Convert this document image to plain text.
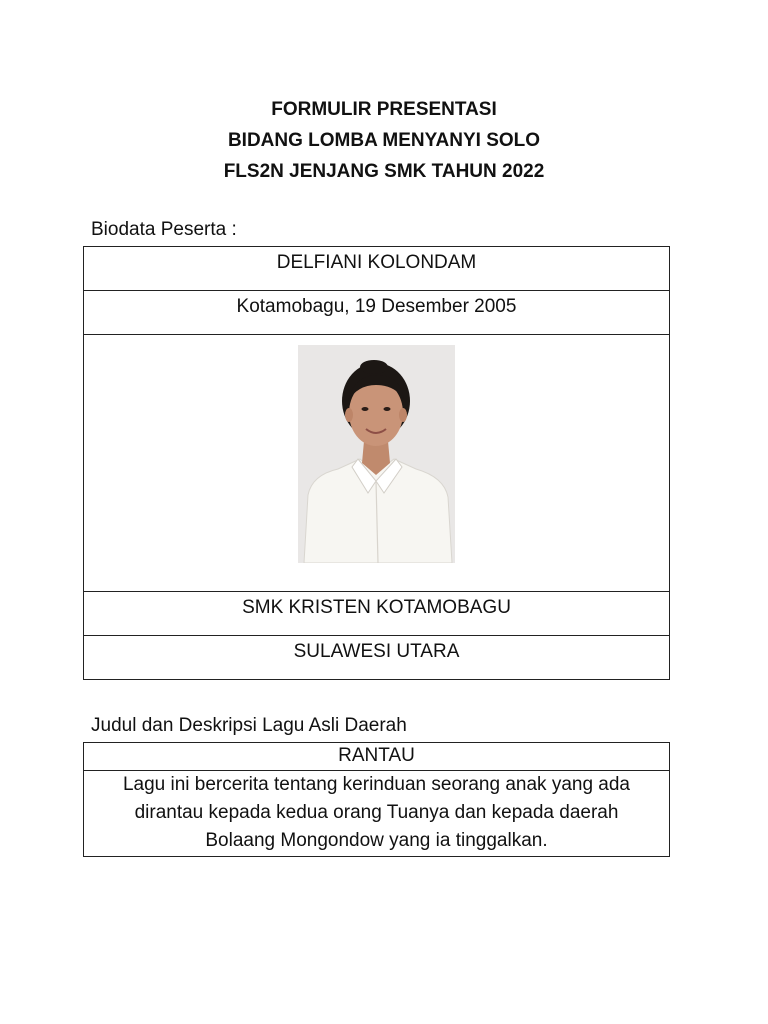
FORMULIR PRESENTASI
BIDANG LOMBA MENYANYI SOLO
FLS2N JENJANG SMK TAHUN 2022
Biodata Peserta :
DELFIANI KOLONDAM

Kotamobagu, 19 Desember 2005

SMK KRISTEN KOTAMOBAGU

SULAWESI UTARA
Judul dan Deskripsi Lagu Asli Daerah
RANTAU

Lagu ini bercerita tentang kerinduan seorang anak yang ada dirantau kepada kedua orang Tuanya dan kepada daerah Bolaang Mongondow yang ia tinggalkan.
